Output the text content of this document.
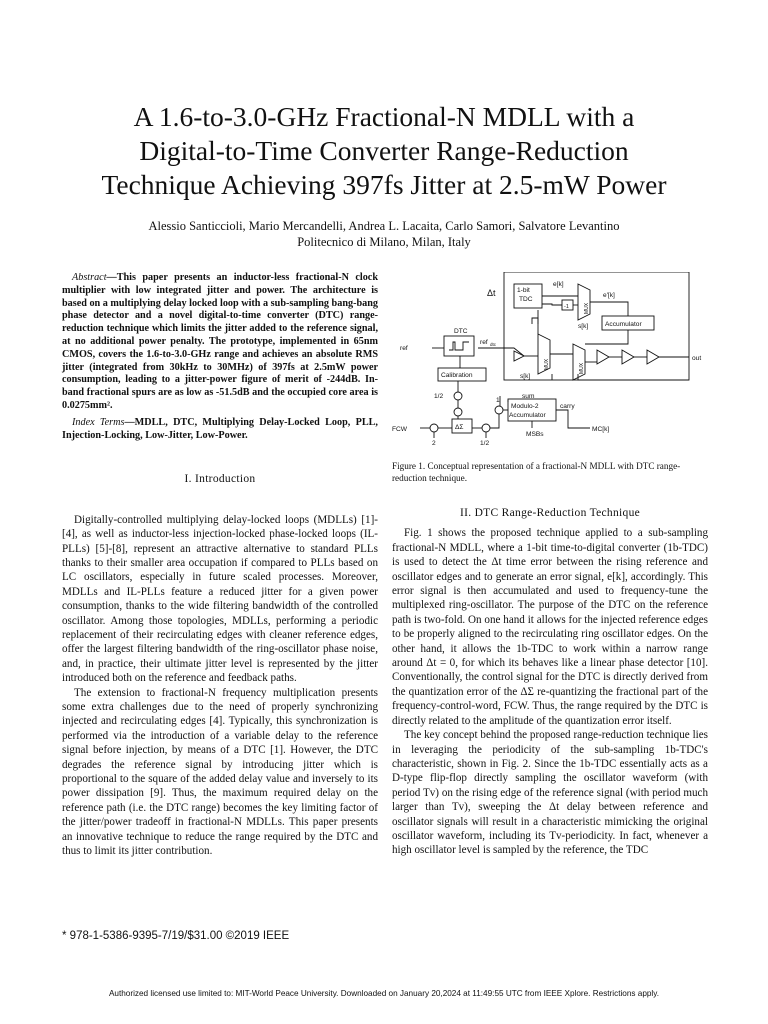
A 1.6-to-3.0-GHz Fractional-N MDLL with a
Digital-to-Time Converter Range-Reduction
Technique Achieving 397fs Jitter at 2.5-mW Power
Alessio Santiccioli, Mario Mercandelli, Andrea L. Lacaita, Carlo Samori, Salvatore Levantino
Politecnico di Milano, Milan, Italy

Abstract—This paper presents an inductor-less fractional-N clock multiplier with low integrated jitter and power. The architecture is based on a multiplying delay locked loop with a sub-sampling bang-bang phase detector and a novel digital-to-time converter (DTC) range-reduction technique which limits the jitter added to the reference signal, at no additional power penalty. The prototype, implemented in 65nm CMOS, covers the 1.6-to-3.0-GHz range and achieves an absolute RMS jitter (integrated from 30kHz to 30MHz) of 397fs at 2.5mW power consumption, leading to a jitter-power figure of merit of -244dB. In-band fractional spurs are as low as -51.5dB and the occupied core area is 0.0275mm².

Index Terms—MDLL, DTC, Multiplying Delay-Locked Loop, PLL, Injection-Locking, Low-Jitter, Low-Power.

I. Introduction

Digitally-controlled multiplying delay-locked loops (MDLLs) [1]-[4], as well as inductor-less injection-locked phase-locked loops (IL-PLLs) [5]-[8], represent an attractive alternative to standard PLLs thanks to their smaller area occupation if compared to PLLs based on LC oscillators, especially in future scaled processes. Moreover, MDLLs and IL-PLLs feature a reduced jitter for a given power consumption, thanks to the wide filtering bandwidth of the controlled oscillator. Among those topologies, MDLLs, performing a periodic replacement of their recirculating edges with cleaner reference edges, offer the largest filtering bandwidth of the ring-oscillator phase noise, and, in practice, their ultimate jitter level is represented by the jitter introduced both on the reference and feedback paths.

The extension to fractional-N frequency multiplication presents some extra challenges due to the need of properly synchronizing injected and recirculating edges [4]. Typically, this synchronization is performed via the introduction of a variable delay to the reference signal before injection, by means of a DTC [1]. However, the DTC degrades the reference signal by introducing jitter which is proportional to the square of the added delay value and inversely to its power dissipation [9]. Thus, the maximum required delay on the reference path (i.e. the DTC range) becomes the key limiting factor of the jitter/power tradeoff in fractional-N MDLLs. This paper presents an innovative technique to reduce the range required by the DTC and thus to limit its jitter contribution.

Δt	1-bit
TDC
e[k]
e'[k]
s[k]
-1
Accumulator
DTC
ref
ref dtc
out
Calibration	s[k]
1/2
1
sum
Modulo-2
Accumulator
carry
FCW
2
ΔΣ
MSBs
1/2
MC[k]
MUX	MUX
MUX
Figure 1. Conceptual representation of a fractional-N MDLL with DTC range-reduction technique.

II. DTC Range-Reduction Technique

Fig. 1 shows the proposed technique applied to a sub-sampling fractional-N MDLL, where a 1-bit time-to-digital converter (1b-TDC) is used to detect the Δt time error between the rising reference and oscillator edges and to generate an error signal, e[k], accordingly. This error signal is then accumulated and used to frequency-tune the multiplexed ring-oscillator. The purpose of the DTC on the reference path is two-fold. On one hand it allows for the injected reference edges to be properly aligned to the recirculating ring oscillator edges. On the other hand, it allows the 1b-TDC to work within a narrow range around Δt = 0, for which its behaves like a linear phase detector [10]. Conventionally, the control signal for the DTC is directly derived from the quantization error of the ΔΣ re-quantizing the fractional part of the frequency-control-word, FCW. Thus, the range required by the DTC is directly related to the amplitude of the quantization error itself.

The key concept behind the proposed range-reduction technique lies in leveraging the periodicity of the sub-sampling 1b-TDC's characteristic, shown in Fig. 2. Since the 1b-TDC essentially acts as a D-type flip-flop directly sampling the oscillator waveform (with period Tv) on the rising edge of the reference signal (with period much larger than Tv), sweeping the Δt delay between reference and oscillator signals will result in a characteristic mimicking the original oscillator waveform, including its Tv-periodicity. In fact, whenever a high oscillator level is sampled by the reference, the TDC

* 978-1-5386-9395-7/19/$31.00 ©2019 IEEE
Authorized licensed use limited to: MIT-World Peace University. Downloaded on January 20,2024 at 11:49:55 UTC from IEEE Xplore. Restrictions apply.
